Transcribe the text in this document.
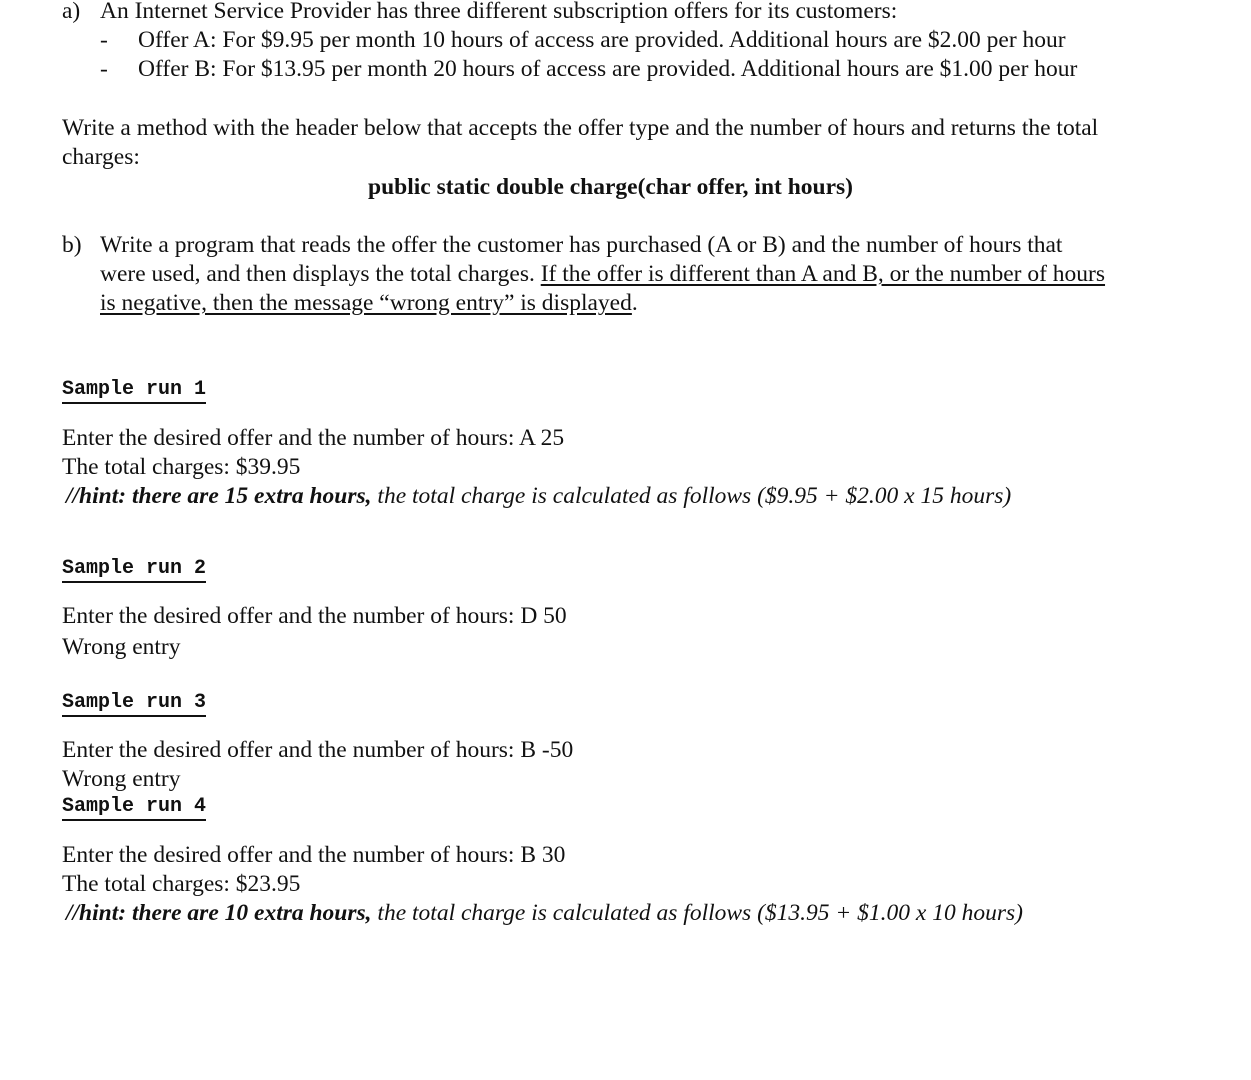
a) An Internet Service Provider has three different subscription offers for its customers:
- Offer A: For $9.95 per month 10 hours of access are provided. Additional hours are $2.00 per hour
- Offer B: For $13.95 per month 20 hours of access are provided. Additional hours are $1.00 per hour
Write a method with the header below that accepts the offer type and the number of hours and returns the total
charges:
public static double charge(char offer, int hours)
b) Write a program that reads the offer the customer has purchased (A or B) and the number of hours that
were used, and then displays the total charges. If the offer is different than A and B, or the number of hours
is negative, then the message “wrong entry” is displayed.
Sample run 1
Enter the desired offer and the number of hours: A 25
The total charges: $39.95
//hint: there are 15 extra hours, the total charge is calculated as follows ($9.95 + $2.00 x 15 hours)
Sample run 2
Enter the desired offer and the number of hours: D 50
Wrong entry
Sample run 3
Enter the desired offer and the number of hours: B -50
Wrong entry
Sample run 4
Enter the desired offer and the number of hours: B 30
The total charges: $23.95
//hint: there are 10 extra hours, the total charge is calculated as follows ($13.95 + $1.00 x 10 hours)
